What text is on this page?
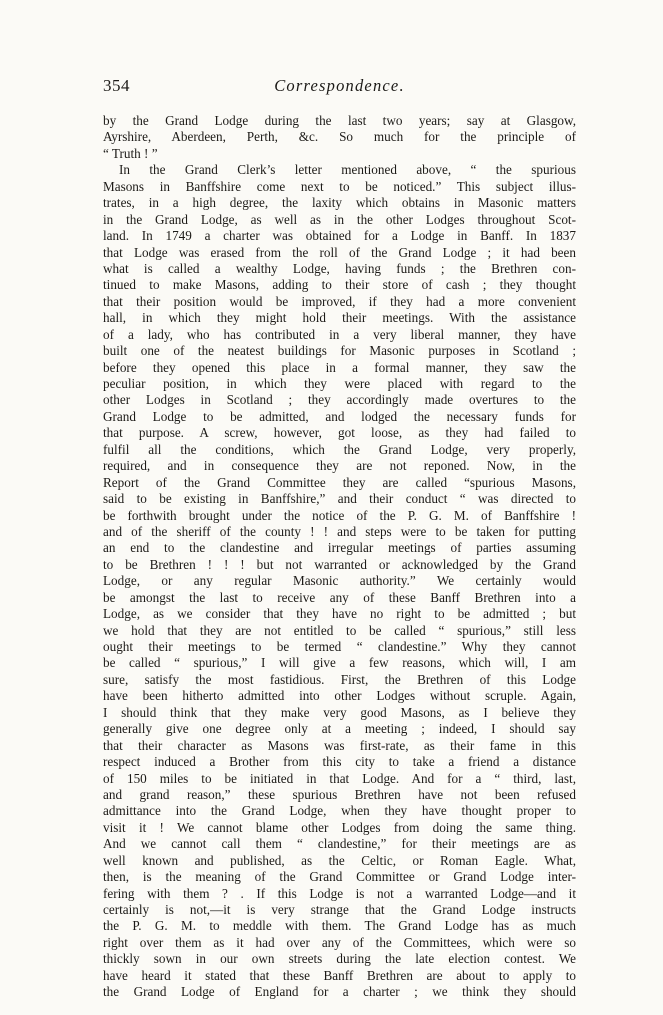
354	Correspondence.
by the Grand Lodge during the last two years; say at Glasgow,
Ayrshire, Aberdeen, Perth, &c. So much for the principle of
“ Truth ! ”
In the Grand Clerk’s letter mentioned above, “ the spurious
Masons in Banffshire come next to be noticed.” This subject illus-
trates, in a high degree, the laxity which obtains in Masonic matters
in the Grand Lodge, as well as in the other Lodges throughout Scot-
land. In 1749 a charter was obtained for a Lodge in Banff. In 1837
that Lodge was erased from the roll of the Grand Lodge ; it had been
what is called a wealthy Lodge, having funds ; the Brethren con-
tinued to make Masons, adding to their store of cash ; they thought
that their position would be improved, if they had a more convenient
hall, in which they might hold their meetings. With the assistance
of a lady, who has contributed in a very liberal manner, they have
built one of the neatest buildings for Masonic purposes in Scotland ;
before they opened this place in a formal manner, they saw the
peculiar position, in which they were placed with regard to the
other Lodges in Scotland ; they accordingly made overtures to the
Grand Lodge to be admitted, and lodged the necessary funds for
that purpose. A screw, however, got loose, as they had failed to
fulfil all the conditions, which the Grand Lodge, very properly,
required, and in consequence they are not reponed. Now, in the
Report of the Grand Committee they are called “spurious Masons,
said to be existing in Banffshire,” and their conduct “ was directed to
be forthwith brought under the notice of the P. G. M. of Banffshire !
and of the sheriff of the county ! ! and steps were to be taken for putting
an end to the clandestine and irregular meetings of parties assuming
to be Brethren ! ! ! but not warranted or acknowledged by the Grand
Lodge, or any regular Masonic authority.” We certainly would
be amongst the last to receive any of these Banff Brethren into a
Lodge, as we consider that they have no right to be admitted ; but
we hold that they are not entitled to be called “ spurious,” still less
ought their meetings to be termed “ clandestine.” Why they cannot
be called “ spurious,” I will give a few reasons, which will, I am
sure, satisfy the most fastidious. First, the Brethren of this Lodge
have been hitherto admitted into other Lodges without scruple. Again,
I should think that they make very good Masons, as I believe they
generally give one degree only at a meeting ; indeed, I should say
that their character as Masons was first-rate, as their fame in this
respect induced a Brother from this city to take a friend a distance
of 150 miles to be initiated in that Lodge. And for a “ third, last,
and grand reason,” these spurious Brethren have not been refused
admittance into the Grand Lodge, when they have thought proper to
visit it ! We cannot blame other Lodges from doing the same thing.
And we cannot call them “ clandestine,” for their meetings are as
well known and published, as the Celtic, or Roman Eagle. What,
then, is the meaning of the Grand Committee or Grand Lodge inter-
fering with them ? . If this Lodge is not a warranted Lodge—and it
certainly is not,—it is very strange that the Grand Lodge instructs
the P. G. M. to meddle with them. The Grand Lodge has as much
right over them as it had over any of the Committees, which were so
thickly sown in our own streets during the late election contest. We
have heard it stated that these Banff Brethren are about to apply to
the Grand Lodge of England for a charter ; we think they should
